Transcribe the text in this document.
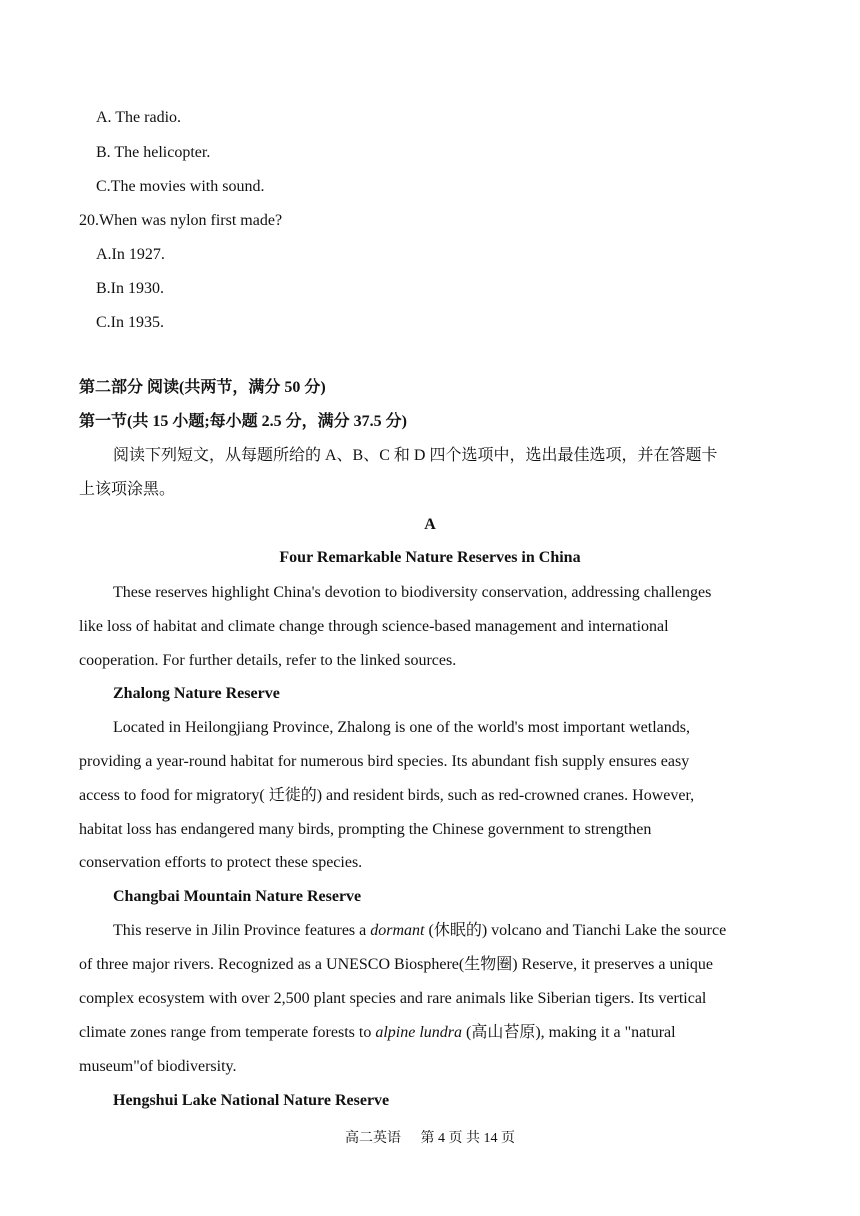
A. The radio.
B. The helicopter.
C.The movies with sound.
20.When was nylon first made?
A.In 1927.
B.In 1930.
C.In 1935.
第二部分 阅读(共两节，满分 50 分)
第一节(共 15 小题;每小题 2.5 分，满分 37.5 分)
阅读下列短文，从每题所给的 A、B、C 和 D 四个选项中，选出最佳选项，并在答题卡
上该项涂黑。
A
Four Remarkable Nature Reserves in China
These reserves highlight China's devotion to biodiversity conservation, addressing challenges
like loss of habitat and climate change through science-based management and international
cooperation. For further details, refer to the linked sources.
Zhalong Nature Reserve
Located in Heilongjiang Province, Zhalong is one of the world's most important wetlands,
providing a year-round habitat for numerous bird species. Its abundant fish supply ensures easy
access to food for migratory( 迁徙的) and resident birds, such as red-crowned cranes. However,
habitat loss has endangered many birds, prompting the Chinese government to strengthen
conservation efforts to protect these species.
Changbai Mountain Nature Reserve
This reserve in Jilin Province features a dormant (休眠的) volcano and Tianchi Lake the source
of three major rivers. Recognized as a UNESCO Biosphere(生物圈) Reserve, it preserves a unique
complex ecosystem with over 2,500 plant species and rare animals like Siberian tigers. Its vertical
climate zones range from temperate forests to alpine lundra (高山苔原), making it a "natural
museum"of biodiversity.
Hengshui Lake National Nature Reserve
高二英语 第 4 页 共 14 页
